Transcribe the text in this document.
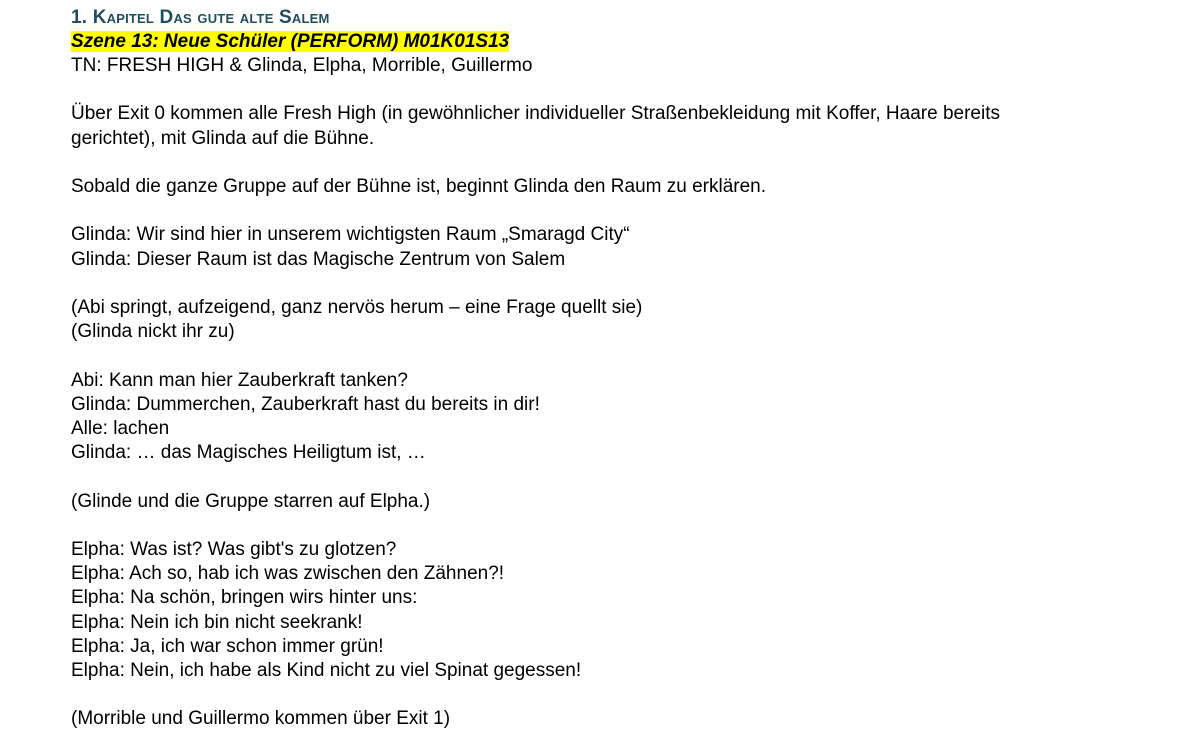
1. Kapitel Das gute alte Salem
Szene 13: Neue Schüler (PERFORM) M01K01S13
TN: FRESH HIGH & Glinda, Elpha, Morrible, Guillermo
Über Exit 0 kommen alle Fresh High (in gewöhnlicher individueller Straßenbekleidung mit Koffer, Haare bereits
gerichtet), mit Glinda auf die Bühne.
Sobald die ganze Gruppe auf der Bühne ist, beginnt Glinda den Raum zu erklären.
Glinda: Wir sind hier in unserem wichtigsten Raum „Smaragd City“
Glinda: Dieser Raum ist das Magische Zentrum von Salem
(Abi springt, aufzeigend, ganz nervös herum – eine Frage quellt sie)
(Glinda nickt ihr zu)
Abi: Kann man hier Zauberkraft tanken?
Glinda: Dummerchen, Zauberkraft hast du bereits in dir!
Alle: lachen
Glinda: … das Magisches Heiligtum ist, …
(Glinde und die Gruppe starren auf Elpha.)
Elpha: Was ist? Was gibt's zu glotzen?
Elpha: Ach so, hab ich was zwischen den Zähnen?!
Elpha: Na schön, bringen wirs hinter uns:
Elpha: Nein ich bin nicht seekrank!
Elpha: Ja, ich war schon immer grün!
Elpha: Nein, ich habe als Kind nicht zu viel Spinat gegessen!
(Morrible und Guillermo kommen über Exit 1)
